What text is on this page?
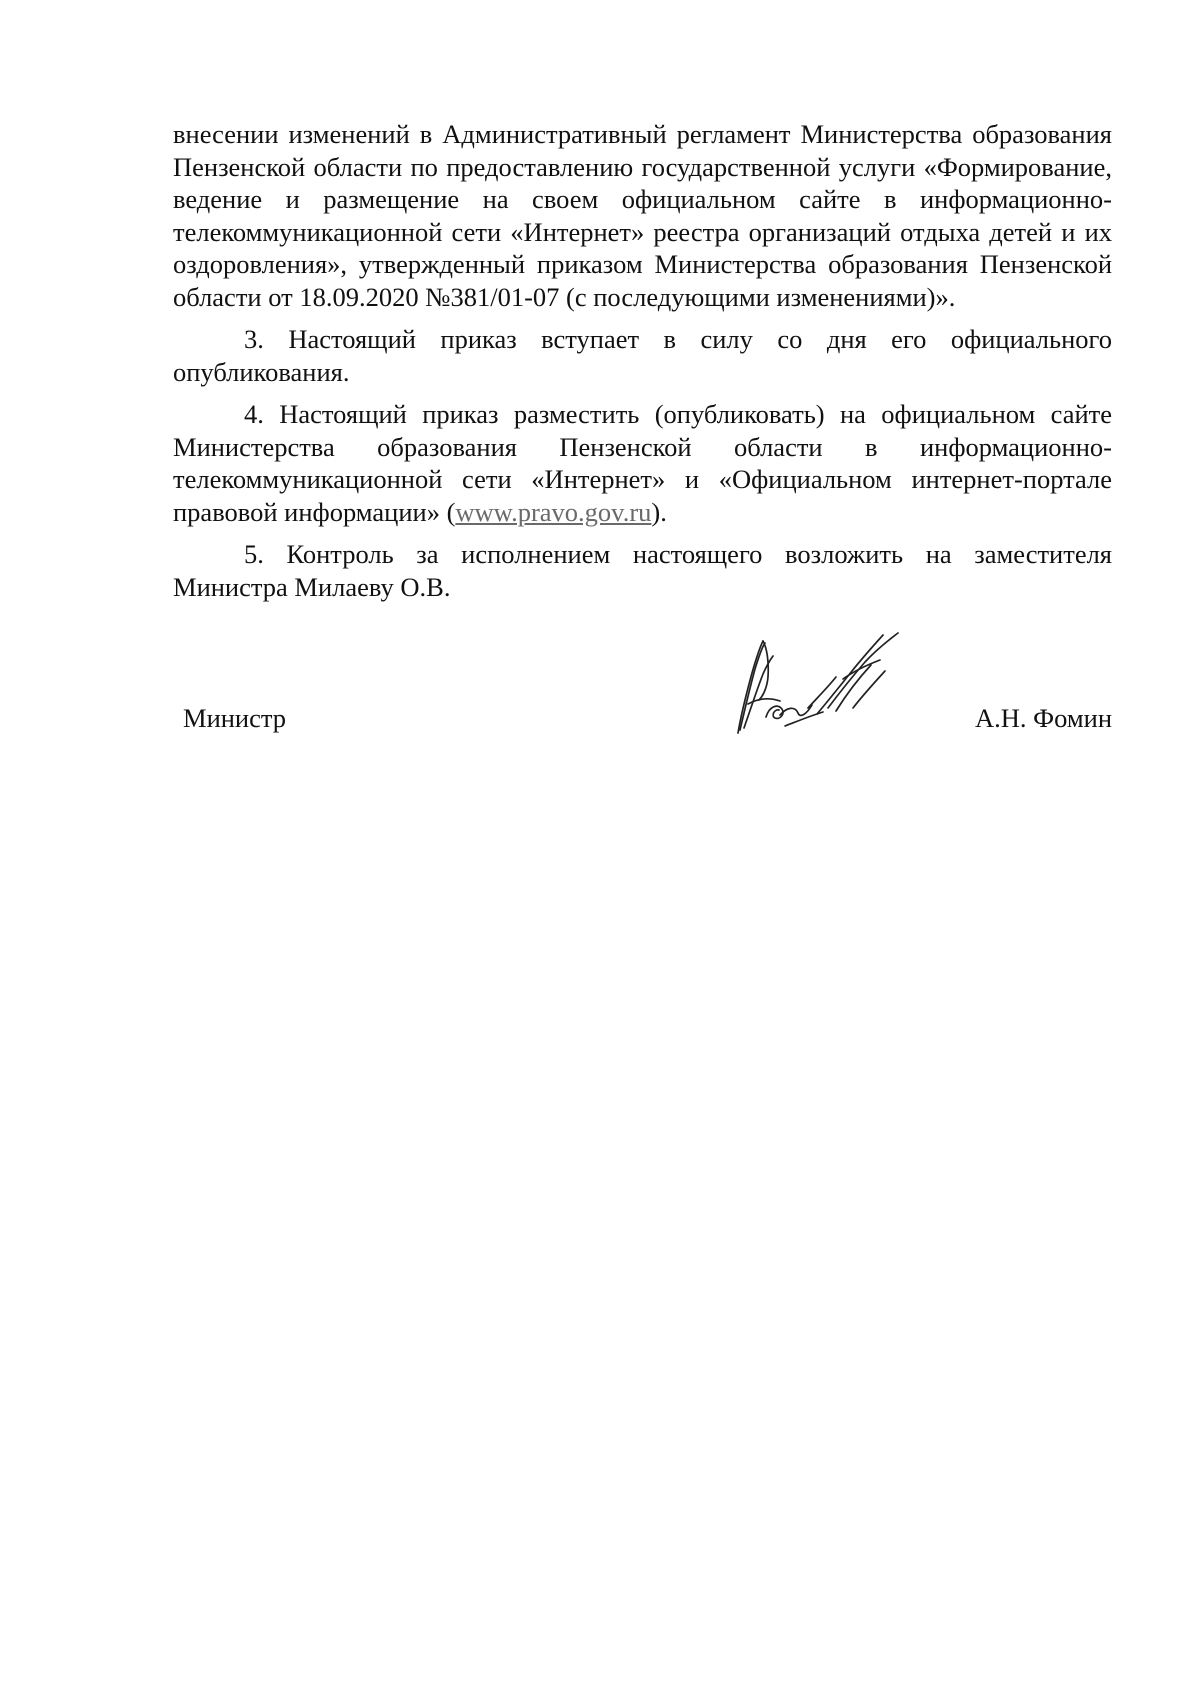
внесении изменений в Административный регламент Министерства образования Пензенской области по предоставлению государственной услуги «Формирование, ведение и размещение на своем официальном сайте в информационно-телекоммуникационной сети «Интернет» реестра организаций отдыха детей и их оздоровления», утвержденный приказом Министерства образования Пензенской области от 18.09.2020 №381/01-07 (с последующими изменениями)».

3. Настоящий приказ вступает в силу со дня его официального опубликования.

4. Настоящий приказ разместить (опубликовать) на официальном сайте Министерства образования Пензенской области в информационно-телекоммуникационной сети «Интернет» и «Официальном интернет-портале правовой информации» (www.pravo.gov.ru).

5. Контроль за исполнением настоящего возложить на заместителя Министра Милаеву О.В.

Министр	А.Н. Фомин
